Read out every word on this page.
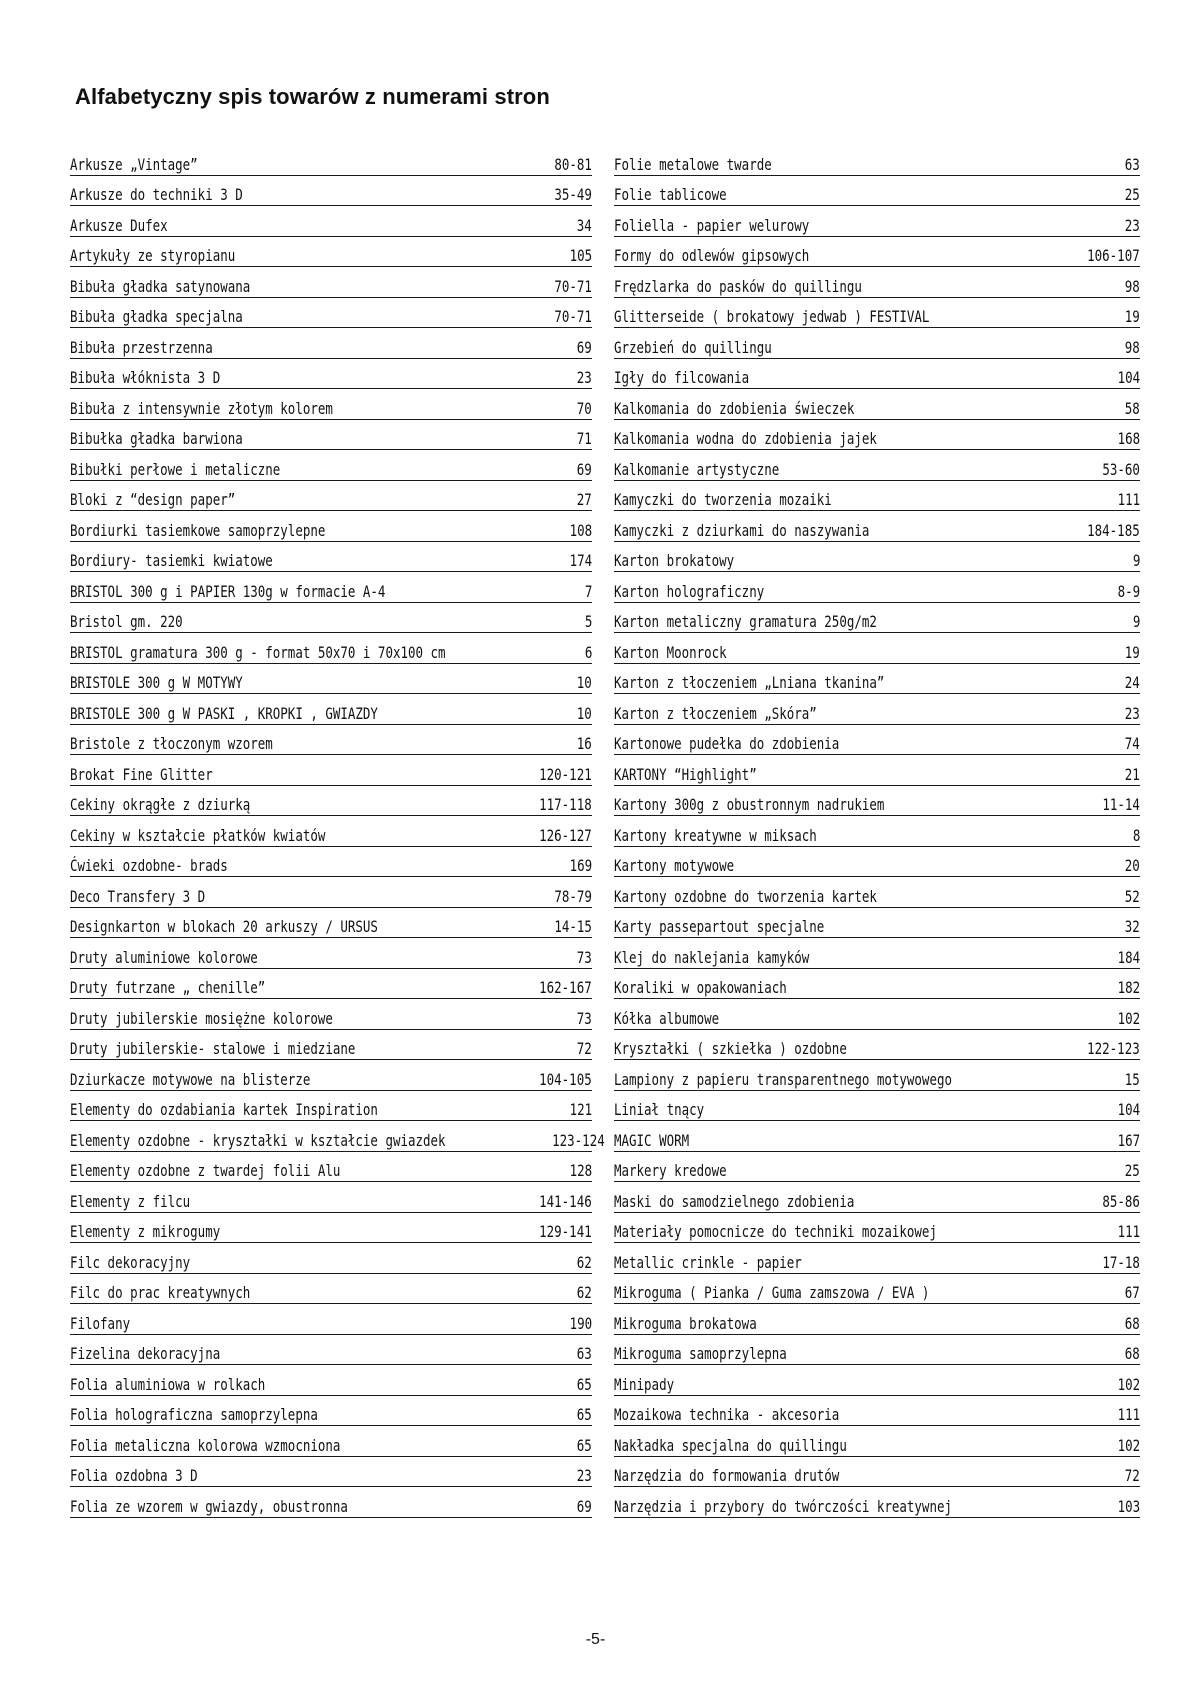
Alfabetyczny spis towarów z numerami stron
Arkusze „Vintage”	80-81
Arkusze do techniki 3 D	35-49
Arkusze Dufex	34
Artykuły ze styropianu	105
Bibuła gładka satynowana	70-71
Bibuła gładka specjalna	70-71
Bibuła przestrzenna	69
Bibuła włóknista 3 D	23
Bibuła z intensywnie złotym kolorem	70
Bibułka gładka barwiona	71
Bibułki perłowe i metaliczne	69
Bloki z “design paper”	27
Bordiurki tasiemkowe samoprzylepne	108
Bordiury- tasiemki kwiatowe	174
BRISTOL 300 g i PAPIER 130g w formacie A-4	7
Bristol gm. 220	5
BRISTOL gramatura 300 g - format 50x70 i 70x100 cm	6
BRISTOLE 300 g W MOTYWY	10
BRISTOLE 300 g W PASKI , KROPKI , GWIAZDY	10
Bristole z tłoczonym wzorem	16
Brokat Fine Glitter	120-121
Cekiny okrągłe z dziurką	117-118
Cekiny w kształcie płatków kwiatów	126-127
Ćwieki ozdobne- brads	169
Deco Transfery 3 D	78-79
Designkarton w blokach 20 arkuszy / URSUS	14-15
Druty aluminiowe kolorowe	73
Druty futrzane „ chenille”	162-167
Druty jubilerskie mosiężne kolorowe	73
Druty jubilerskie- stalowe i miedziane	72
Dziurkacze motywowe na blisterze	104-105
Elementy do ozdabiania kartek Inspiration	121
Elementy ozdobne - kryształki w kształcie gwiazdek	123-124
Elementy ozdobne z twardej folii Alu	128
Elementy z filcu	141-146
Elementy z mikrogumy	129-141
Filc dekoracyjny	62
Filc do prac kreatywnych	62
Filofany	190
Fizelina dekoracyjna	63
Folia aluminiowa w rolkach	65
Folia holograficzna samoprzylepna	65
Folia metaliczna kolorowa wzmocniona	65
Folia ozdobna 3 D	23
Folia ze wzorem w gwiazdy, obustronna	69
Folie metalowe twarde	63
Folie tablicowe	25
Foliella - papier welurowy	23
Formy do odlewów gipsowych	106-107
Frędzlarka do pasków do quillingu	98
Glitterseide ( brokatowy jedwab ) FESTIVAL	19
Grzebień do quillingu	98
Igły do filcowania	104
Kalkomania do zdobienia świeczek	58
Kalkomania wodna do zdobienia jajek	168
Kalkomanie artystyczne	53-60
Kamyczki do tworzenia mozaiki	111
Kamyczki z dziurkami do naszywania	184-185
Karton brokatowy	9
Karton holograficzny	8-9
Karton metaliczny gramatura 250g/m2	9
Karton Moonrock	19
Karton z tłoczeniem „Lniana tkanina”	24
Karton z tłoczeniem „Skóra”	23
Kartonowe pudełka do zdobienia	74
KARTONY “Highlight”	21
Kartony 300g z obustronnym nadrukiem	11-14
Kartony kreatywne w miksach	8
Kartony motywowe	20
Kartony ozdobne do tworzenia kartek	52
Karty passepartout specjalne	32
Klej do naklejania kamyków	184
Koraliki w opakowaniach	182
Kółka albumowe	102
Kryształki ( szkiełka ) ozdobne	122-123
Lampiony z papieru transparentnego motywowego	15
Liniał tnący	104
MAGIC WORM	167
Markery kredowe	25
Maski do samodzielnego zdobienia	85-86
Materiały pomocnicze do techniki mozaikowej	111
Metallic crinkle - papier	17-18
Mikroguma ( Pianka / Guma zamszowa / EVA )	67
Mikroguma brokatowa	68
Mikroguma samoprzylepna	68
Minipady	102
Mozaikowa technika - akcesoria	111
Nakładka specjalna do quillingu	102
Narzędzia do formowania drutów	72
Narzędzia i przybory do twórczości kreatywnej	103
-5-
